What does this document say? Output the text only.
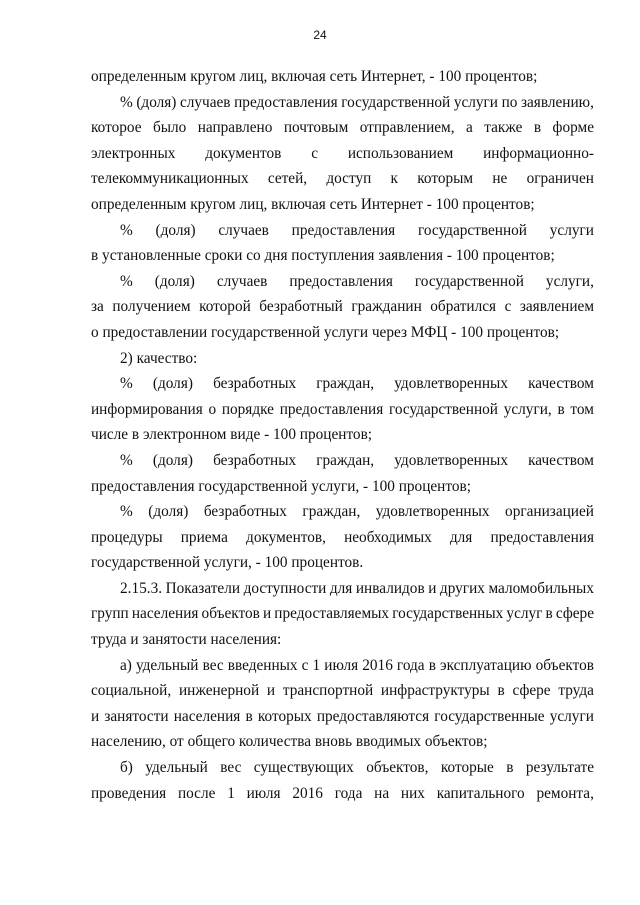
24
определенным кругом лиц, включая сеть Интернет, - 100 процентов;
% (доля) случаев предоставления государственной услуги по заявлению,
которое было направлено почтовым отправлением, а также в форме
электронных документов с использованием информационно-
телекоммуникационных сетей, доступ к которым не ограничен
определенным кругом лиц, включая сеть Интернет - 100 процентов;
% (доля) случаев предоставления государственной услуги
в установленные сроки со дня поступления заявления - 100 процентов;
% (доля) случаев предоставления государственной услуги,
за получением которой безработный гражданин обратился с заявлением
о предоставлении государственной услуги через МФЦ - 100 процентов;
2) качество:
% (доля) безработных граждан, удовлетворенных качеством
информирования о порядке предоставления государственной услуги, в том
числе в электронном виде - 100 процентов;
% (доля) безработных граждан, удовлетворенных качеством
предоставления государственной услуги, - 100 процентов;
% (доля) безработных граждан, удовлетворенных организацией
процедуры приема документов, необходимых для предоставления
государственной услуги, - 100 процентов.
2.15.3. Показатели доступности для инвалидов и других маломобильных
групп населения объектов и предоставляемых государственных услуг в сфере
труда и занятости населения:
а) удельный вес введенных с 1 июля 2016 года в эксплуатацию объектов
социальной, инженерной и транспортной инфраструктуры в сфере труда
и занятости населения в которых предоставляются государственные услуги
населению, от общего количества вновь вводимых объектов;
б) удельный вес существующих объектов, которые в результате
проведения после 1 июля 2016 года на них капитального ремонта,
